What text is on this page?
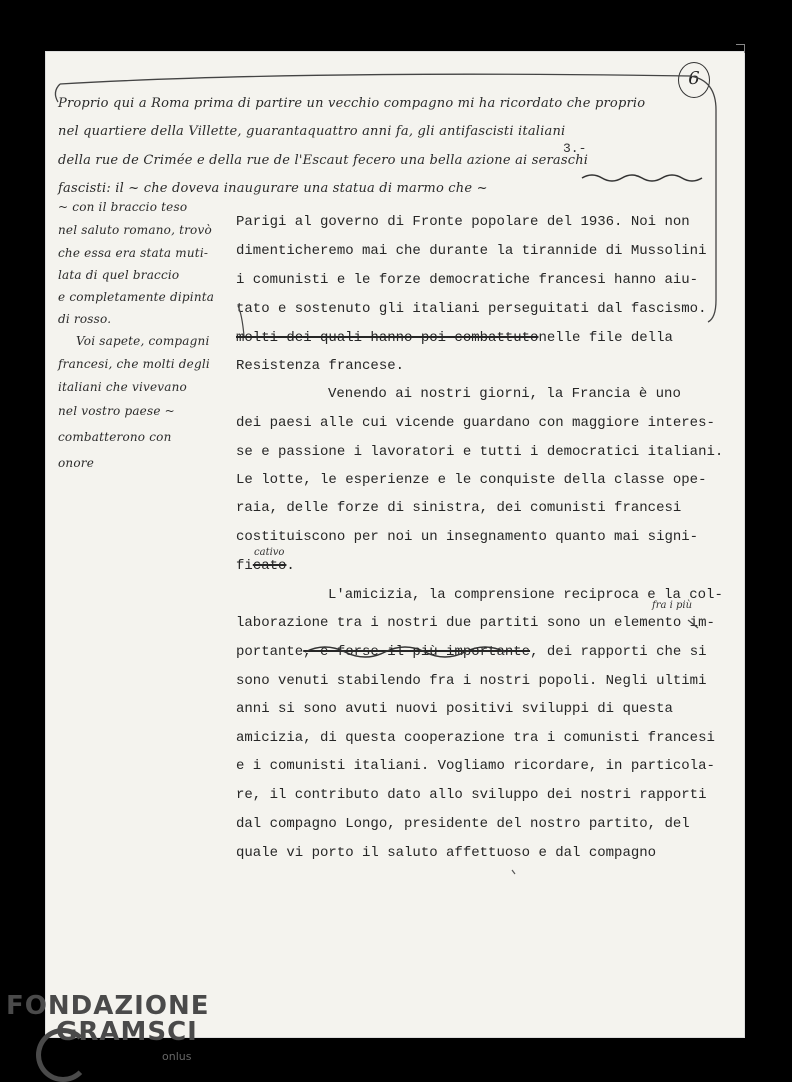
6
3.-
Proprio qui a Roma prima di partire un vecchio compagno mi ha ricordato che proprio
nel quartiere della Villette, guarantaquattro anni fa, gli antifascisti italiani
della rue de Crimée e della rue de l'Escaut fecero una bella azione ai seraschi
fascisti: il ~ che doveva inaugurare una statua di marmo che ~
~ con il braccio teso
nel saluto romano, trovò
che essa era stata muti-
lata di quel braccio
e completamente dipinta
di rosso.
Voi sapete, compagni
francesi, che molti degli
italiani che vivevano
nel vostro paese ~
combatterono con
onore
Parigi al governo di Fronte popolare del 1936. Noi non
dimenticheremo mai che durante la tirannide di Mussolini
i comunisti e le forze democratiche francesi hanno aiu-
tato e sostenuto gli italiani perseguitati dal fascismo.
molti dei quali hanno poi combattutonelle file della
Resistenza francese.
Venendo ai nostri giorni, la Francia è uno
dei paesi alle cui vicende guardano con maggiore interes-
se e passione i lavoratori e tutti i democratici italiani.
Le lotte, le esperienze e le conquiste della classe ope-
raia, delle forze di sinistra, dei comunisti francesi
costituiscono per noi un insegnamento quanto mai signi-
cativo
ficato.
L'amicizia, la comprensione reciproca e la col-
fra i più
laborazione tra i nostri due partiti sono un elemento im-
portante, e forse il più importante, dei rapporti che si
sono venuti stabilendo fra i nostri popoli. Negli ultimi
anni si sono avuti nuovi positivi sviluppi di questa
amicizia, di questa cooperazione tra i comunisti francesi
e i comunisti italiani. Vogliamo ricordare, in particola-
re, il contributo dato allo sviluppo dei nostri rapporti
dal compagno Longo, presidente del nostro partito, del
quale vi porto il saluto affettuoso e dal compagno
FONDAZIONE
GRAMSCI
onlus
